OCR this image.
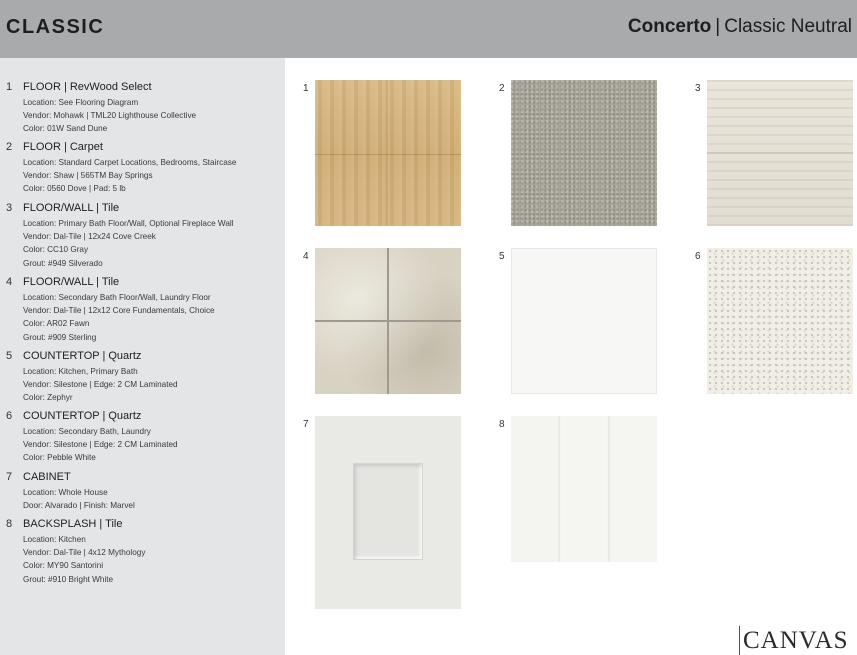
CLASSIC	Concerto | Classic Neutral
1 FLOOR | RevWood Select
Location: See Flooring Diagram
Vendor: Mohawk | TML20 Lighthouse Collective
Color: 01W Sand Dune
2 FLOOR | Carpet
Location: Standard Carpet Locations, Bedrooms, Staircase
Vendor: Shaw | 565TM Bay Springs
Color: 0560 Dove | Pad: 5 lb
3 FLOOR/WALL | Tile
Location: Primary Bath Floor/Wall, Optional Fireplace Wall
Vendor: Dal-Tile | 12x24 Cove Creek
Color: CC10 Gray
Grout: #949 Silverado
4 FLOOR/WALL | Tile
Location: Secondary Bath Floor/Wall, Laundry Floor
Vendor: Dal-Tile | 12x12 Core Fundamentals, Choice
Color: AR02 Fawn
Grout: #909 Sterling
5 COUNTERTOP | Quartz
Location: Kitchen, Primary Bath
Vendor: Silestone | Edge: 2 CM Laminated
Color: Zephyr
6 COUNTERTOP | Quartz
Location: Secondary Bath, Laundry
Vendor: Silestone | Edge: 2 CM Laminated
Color: Pebble White
7 CABINET
Location: Whole House
Door: Alvarado | Finish: Marvel
8 BACKSPLASH | Tile
Location: Kitchen
Vendor: Dal-Tile | 4x12 Mythology
Color: MY90 Santorini
Grout: #910 Bright White
1	2	3
4	5	6
7	8
CANVAS
